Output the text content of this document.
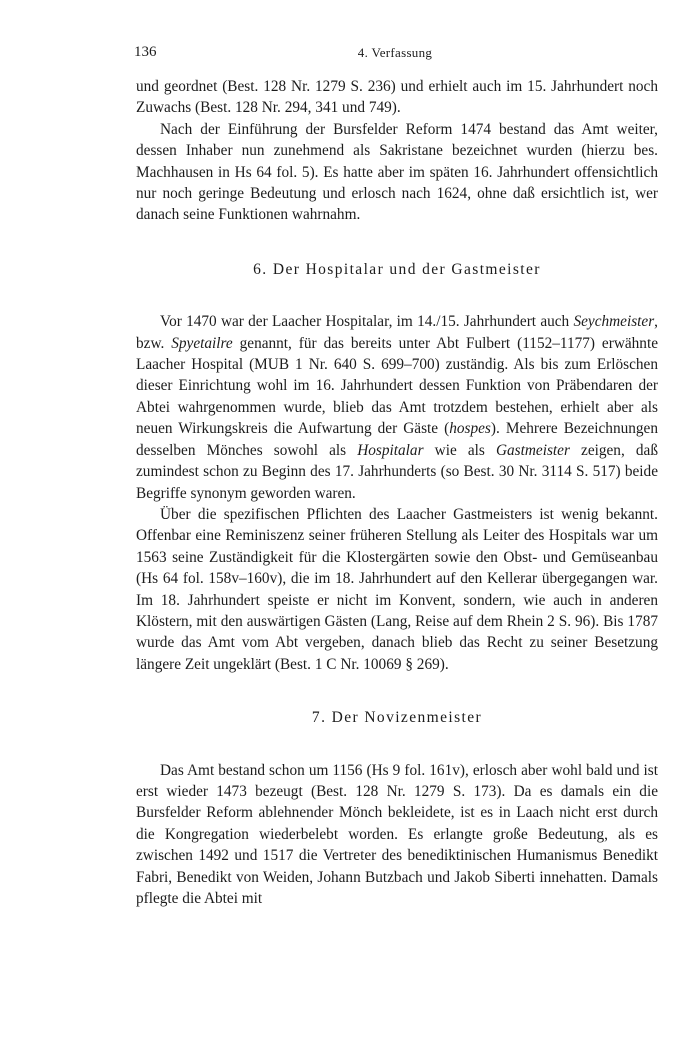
136	4. Verfassung

und geordnet (Best. 128 Nr. 1279 S. 236) und erhielt auch im 15. Jahrhundert noch Zuwachs (Best. 128 Nr. 294, 341 und 749).

Nach der Einführung der Bursfelder Reform 1474 bestand das Amt weiter, dessen Inhaber nun zunehmend als Sakristane bezeichnet wurden (hierzu bes. Machhausen in Hs 64 fol. 5). Es hatte aber im späten 16. Jahrhundert offensichtlich nur noch geringe Bedeutung und erlosch nach 1624, ohne daß ersichtlich ist, wer danach seine Funktionen wahrnahm.

6. Der Hospitalar und der Gastmeister

Vor 1470 war der Laacher Hospitalar, im 14./15. Jahrhundert auch Seychmeister, bzw. Spyetailre genannt, für das bereits unter Abt Fulbert (1152–1177) erwähnte Laacher Hospital (MUB 1 Nr. 640 S. 699–700) zuständig. Als bis zum Erlöschen dieser Einrichtung wohl im 16. Jahrhundert dessen Funktion von Präbendaren der Abtei wahrgenommen wurde, blieb das Amt trotzdem bestehen, erhielt aber als neuen Wirkungskreis die Aufwartung der Gäste (hospes). Mehrere Bezeichnungen desselben Mönches sowohl als Hospitalar wie als Gastmeister zeigen, daß zumindest schon zu Beginn des 17. Jahrhunderts (so Best. 30 Nr. 3114 S. 517) beide Begriffe synonym geworden waren.

Über die spezifischen Pflichten des Laacher Gastmeisters ist wenig bekannt. Offenbar eine Reminiszenz seiner früheren Stellung als Leiter des Hospitals war um 1563 seine Zuständigkeit für die Klostergärten sowie den Obst- und Gemüseanbau (Hs 64 fol. 158v–160v), die im 18. Jahrhundert auf den Kellerar übergegangen war. Im 18. Jahrhundert speiste er nicht im Konvent, sondern, wie auch in anderen Klöstern, mit den auswärtigen Gästen (Lang, Reise auf dem Rhein 2 S. 96). Bis 1787 wurde das Amt vom Abt vergeben, danach blieb das Recht zu seiner Besetzung längere Zeit ungeklärt (Best. 1 C Nr. 10069 § 269).

7. Der Novizenmeister

Das Amt bestand schon um 1156 (Hs 9 fol. 161v), erlosch aber wohl bald und ist erst wieder 1473 bezeugt (Best. 128 Nr. 1279 S. 173). Da es damals ein die Bursfelder Reform ablehnender Mönch bekleidete, ist es in Laach nicht erst durch die Kongregation wiederbelebt worden. Es erlangte große Bedeutung, als es zwischen 1492 und 1517 die Vertreter des benediktinischen Humanismus Benedikt Fabri, Benedikt von Weiden, Johann Butzbach und Jakob Siberti innehatten. Damals pflegte die Abtei mit
